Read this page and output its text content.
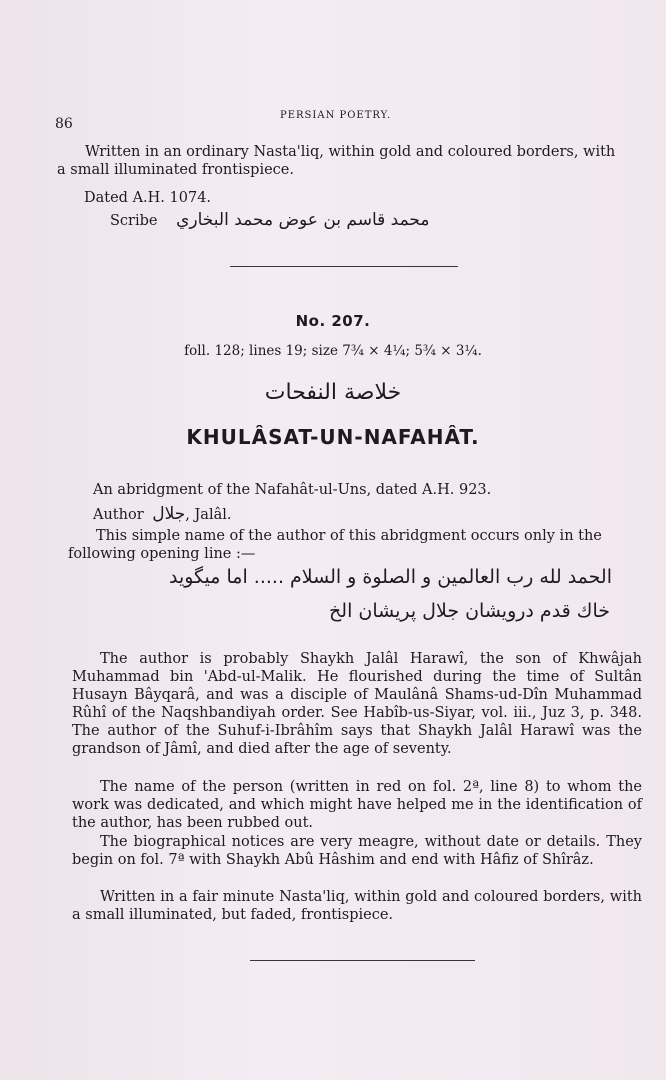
86
PERSIAN POETRY.

Written in an ordinary Nasta'liq, within gold and coloured borders, with a small illuminated frontispiece.

Dated A.H. 1074.

Scribe محمد قاسم بن عوض محمد البخاري
No. 207.
foll. 128; lines 19; size 7¾ × 4¼; 5¾ × 3¼.
خلاصة النفحات
KHULÂSAT-UN-NAFAHÂT.

An abridgment of the Nafahât-ul-Uns, dated A.H. 923.

Author جلال, Jalâl.

This simple name of the author of this abridgment occurs only in the following opening line :—

الحمد لله رب العالمين و الصلوة و السلام ..... اما ميگويد
خاك قدم درويشان جلال پريشان الخ

The author is probably Shaykh Jalâl Harawî, the son of Khwâjah Muhammad bin 'Abd-ul-Malik. He flourished during the time of Sultân Husayn Bâyqarâ, and was a disciple of Maulânâ Shams-ud-Dîn Muhammad Rûhî of the Naqshbandiyah order. See Habîb-us-Siyar, vol. iii., Juz 3, p. 348. The author of the Suhuf-i-Ibrâhîm says that Shaykh Jalâl Harawî was the grandson of Jâmî, and died after the age of seventy.

The name of the person (written in red on fol. 2ª, line 8) to whom the work was dedicated, and which might have helped me in the identification of the author, has been rubbed out.

The biographical notices are very meagre, without date or details. They begin on fol. 7ª with Shaykh Abû Hâshim and end with Hâfiz of Shîrâz.

Written in a fair minute Nasta'liq, within gold and coloured borders, with a small illuminated, but faded, frontispiece.
